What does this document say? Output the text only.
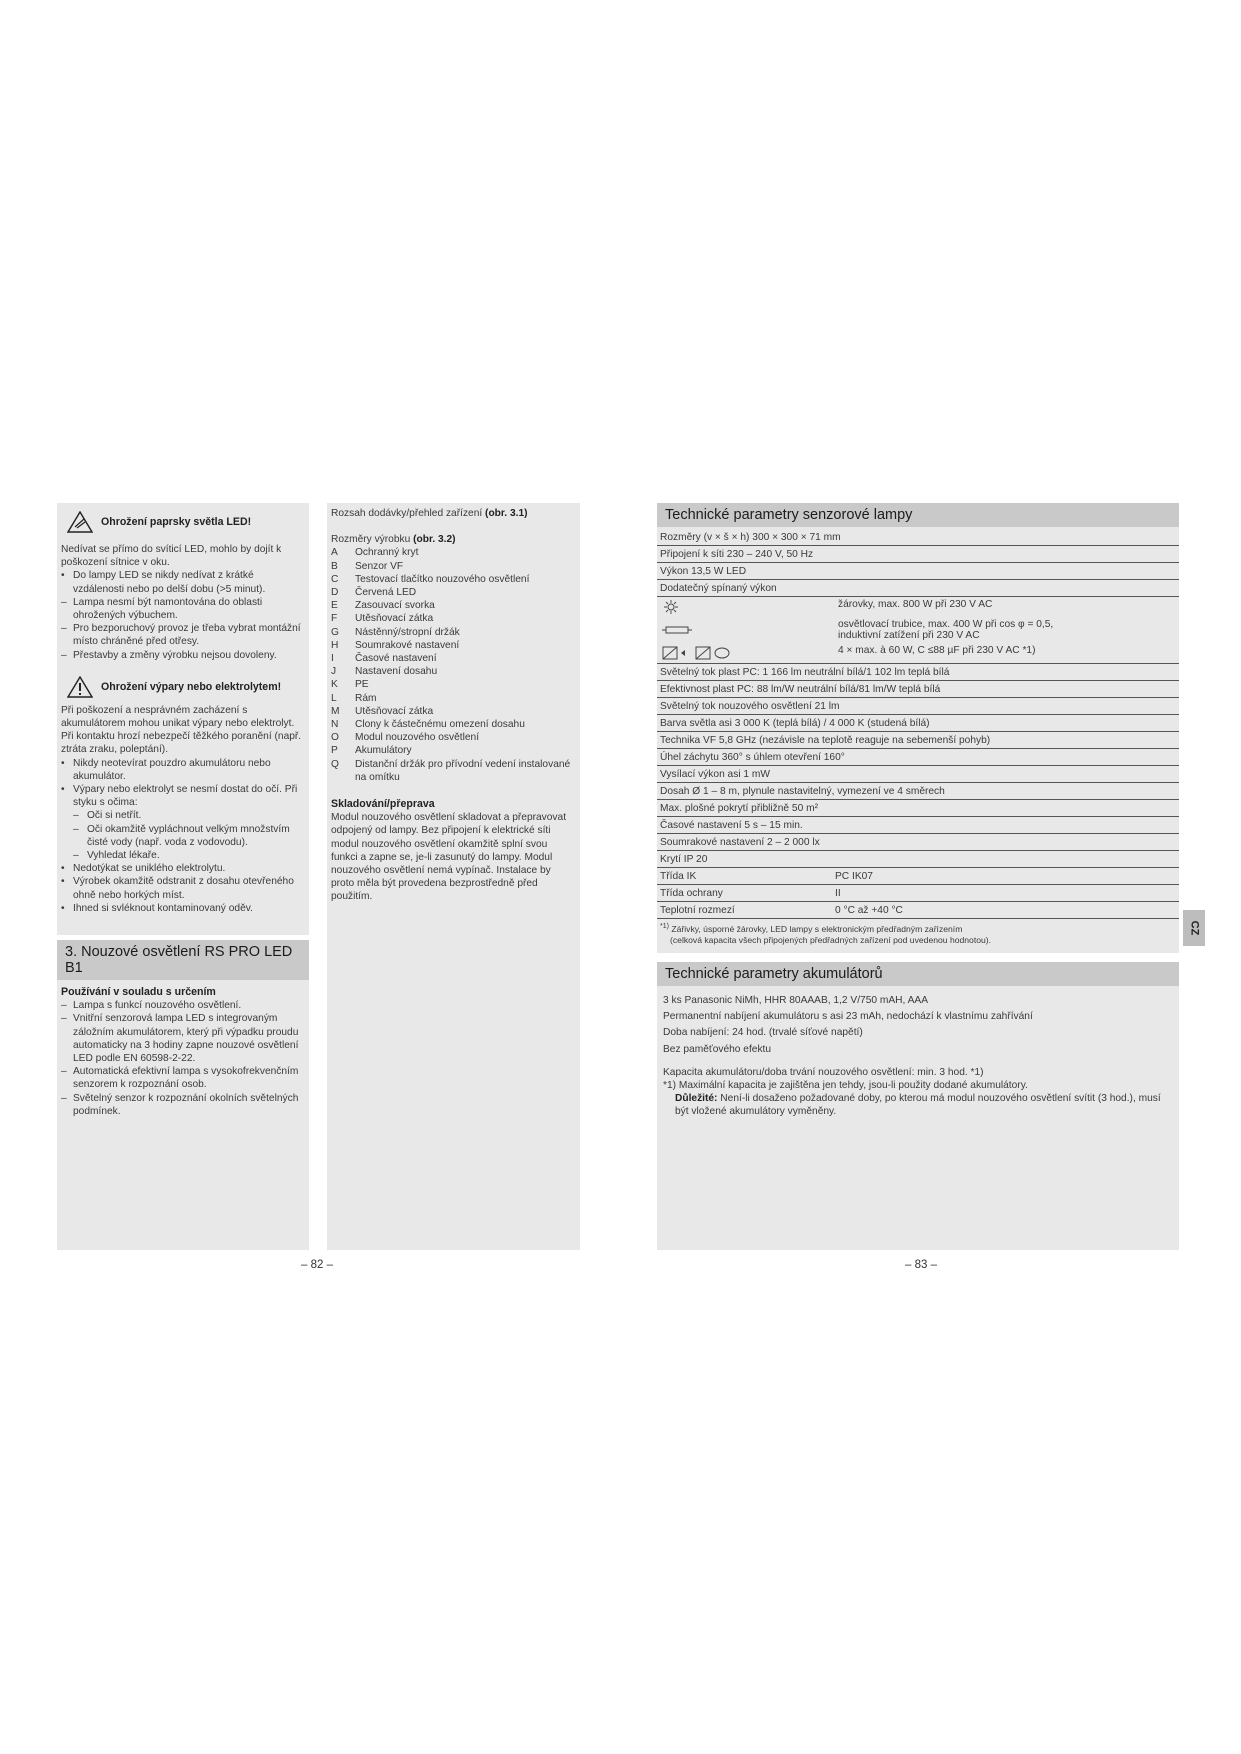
Ohrožení paprsky světla LED!

Nedívat se přímo do svíticí LED, mohlo by dojít k poškození sítnice v oku.

• Do lampy LED se nikdy nedívat z krátké vzdálenosti nebo po delší dobu (>5 minut).
– Lampa nesmí být namontována do oblasti ohrožených výbuchem.
– Pro bezporuchový provoz je třeba vybrat montážní místo chráněné před otřesy.
– Přestavby a změny výrobku nejsou dovoleny.
Ohrožení výpary nebo elektrolytem!

Při poškození a nesprávném zacházení s akumulátorem mohou unikat výpary nebo elektrolyt. Při kontaktu hrozí nebezpečí těžkého poranění (např. ztráta zraku, poleptání).

• Nikdy neotevírat pouzdro akumulátoru nebo akumulátor.
• Výpary nebo elektrolyt se nesmí dostat do očí. Při styku s očima:
– Oči si netřít.
– Oči okamžitě vypláchnout velkým množstvím čisté vody (např. voda z vodovodu).
– Vyhledat lékaře.
• Nedotýkat se uniklého elektrolytu.
• Výrobek okamžitě odstranit z dosahu otevřeného ohně nebo horkých míst.
• Ihned si svléknout kontaminovaný oděv.
3. Nouzové osvětlení RS PRO LED B1

Používání v souladu s určením

– Lampa s funkcí nouzového osvětlení.
– Vnitřní senzorová lampa LED s integrovaným záložním akumulátorem, který při výpadku proudu automaticky na 3 hodiny zapne nouzové osvětlení LED podle EN 60598-2-22.
– Automatická efektivní lampa s vysokofrekvenčním senzorem k rozpoznání osob.
– Světelný senzor k rozpoznání okolních světelných podmínek.

Rozsah dodávky/přehled zařízení (obr. 3.1)

Rozměry výrobku (obr. 3.2)

A	Ochranný kryt
B	Senzor VF
C	Testovací tlačítko nouzového osvětlení
D	Červená LED
E	Zasouvací svorka
F	Utěsňovací zátka
G	Nástěnný/stropní držák
H	Soumrakové nastavení
I	Časové nastavení
J	Nastavení dosahu
K	PE
L	Rám
M	Utěsňovací zátka
N	Clony k částečnému omezení dosahu
O	Modul nouzového osvětlení
P	Akumulátory
Q	Distanční držák pro přívodní vedení instalované na omítku

Skladování/přeprava

Modul nouzového osvětlení skladovat a přepravovat odpojený od lampy. Bez připojení k elektrické síti modul nouzového osvětlení okamžitě splní svou funkci a zapne se, je-li zasunutý do lampy. Modul nouzového osvětlení nemá vypínač. Instalace by proto měla být provedena bezprostředně před použitím.

– 82 –
Technické parametry senzorové lampy
Rozměry (v × š × h) 300 × 300 × 71 mm
Připojení k síti 230 – 240 V, 50 Hz
Výkon 13,5 W LED
Dodatečný spínaný výkon
žárovky, max. 800 W při 230 V AC
osvětlovací trubice, max. 400 W při cos φ = 0,5, induktivní zatížení při 230 V AC
4 × max. à 60 W, C ≤88 µF při 230 V AC *1)
Světelný tok plast PC: 1 166 lm neutrální bílá/1 102 lm teplá bílá
Efektivnost plast PC: 88 lm/W neutrální bílá/81 lm/W teplá bílá
Světelný tok nouzového osvětlení 21 lm
Barva světla asi 3 000 K (teplá bílá) / 4 000 K (studená bílá)
Technika VF 5,8 GHz (nezávisle na teplotě reaguje na sebemenší pohyb)
Úhel záchytu 360° s úhlem otevření 160°
Vysílací výkon asi 1 mW
Dosah Ø 1 – 8 m, plynule nastavitelný, vymezení ve 4 směrech
Max. plošné pokrytí přibližně 50 m²
Časové nastavení 5 s – 15 min.
Soumrakové nastavení 2 – 2 000 lx
Krytí IP 20
Třída IK	PC IK07
Třída ochrany	II
Teplotní rozmezí	0 °C až +40 °C

$^{*1)}$ Zářivky, úsporné žárovky, LED lampy s elektronickým předřadným zařízením

(celková kapacita všech připojených předřadných zařízení pod uvedenou hodnotou).

CZ
Technické parametry akumulátorů

3 ks Panasonic NiMh, HHR 80AAAB, 1,2 V/750 mAH, AAA

Permanentní nabíjení akumulátoru s asi 23 mAh, nedochází k vlastnímu zahřívání

Doba nabíjení: 24 hod. (trvalé síťové napětí)

Bez paměťového efektu

Kapacita akumulátoru/doba trvání nouzového osvětlení: min. 3 hod. *1)

*1) Maximální kapacita je zajištěna jen tehdy, jsou-li použity dodané akumulátory.

Důležité: Není-li dosaženo požadované doby, po kterou má modul nouzového osvětlení svítit (3 hod.), musí být vložené akumulátory vyměněny.

– 83 –
